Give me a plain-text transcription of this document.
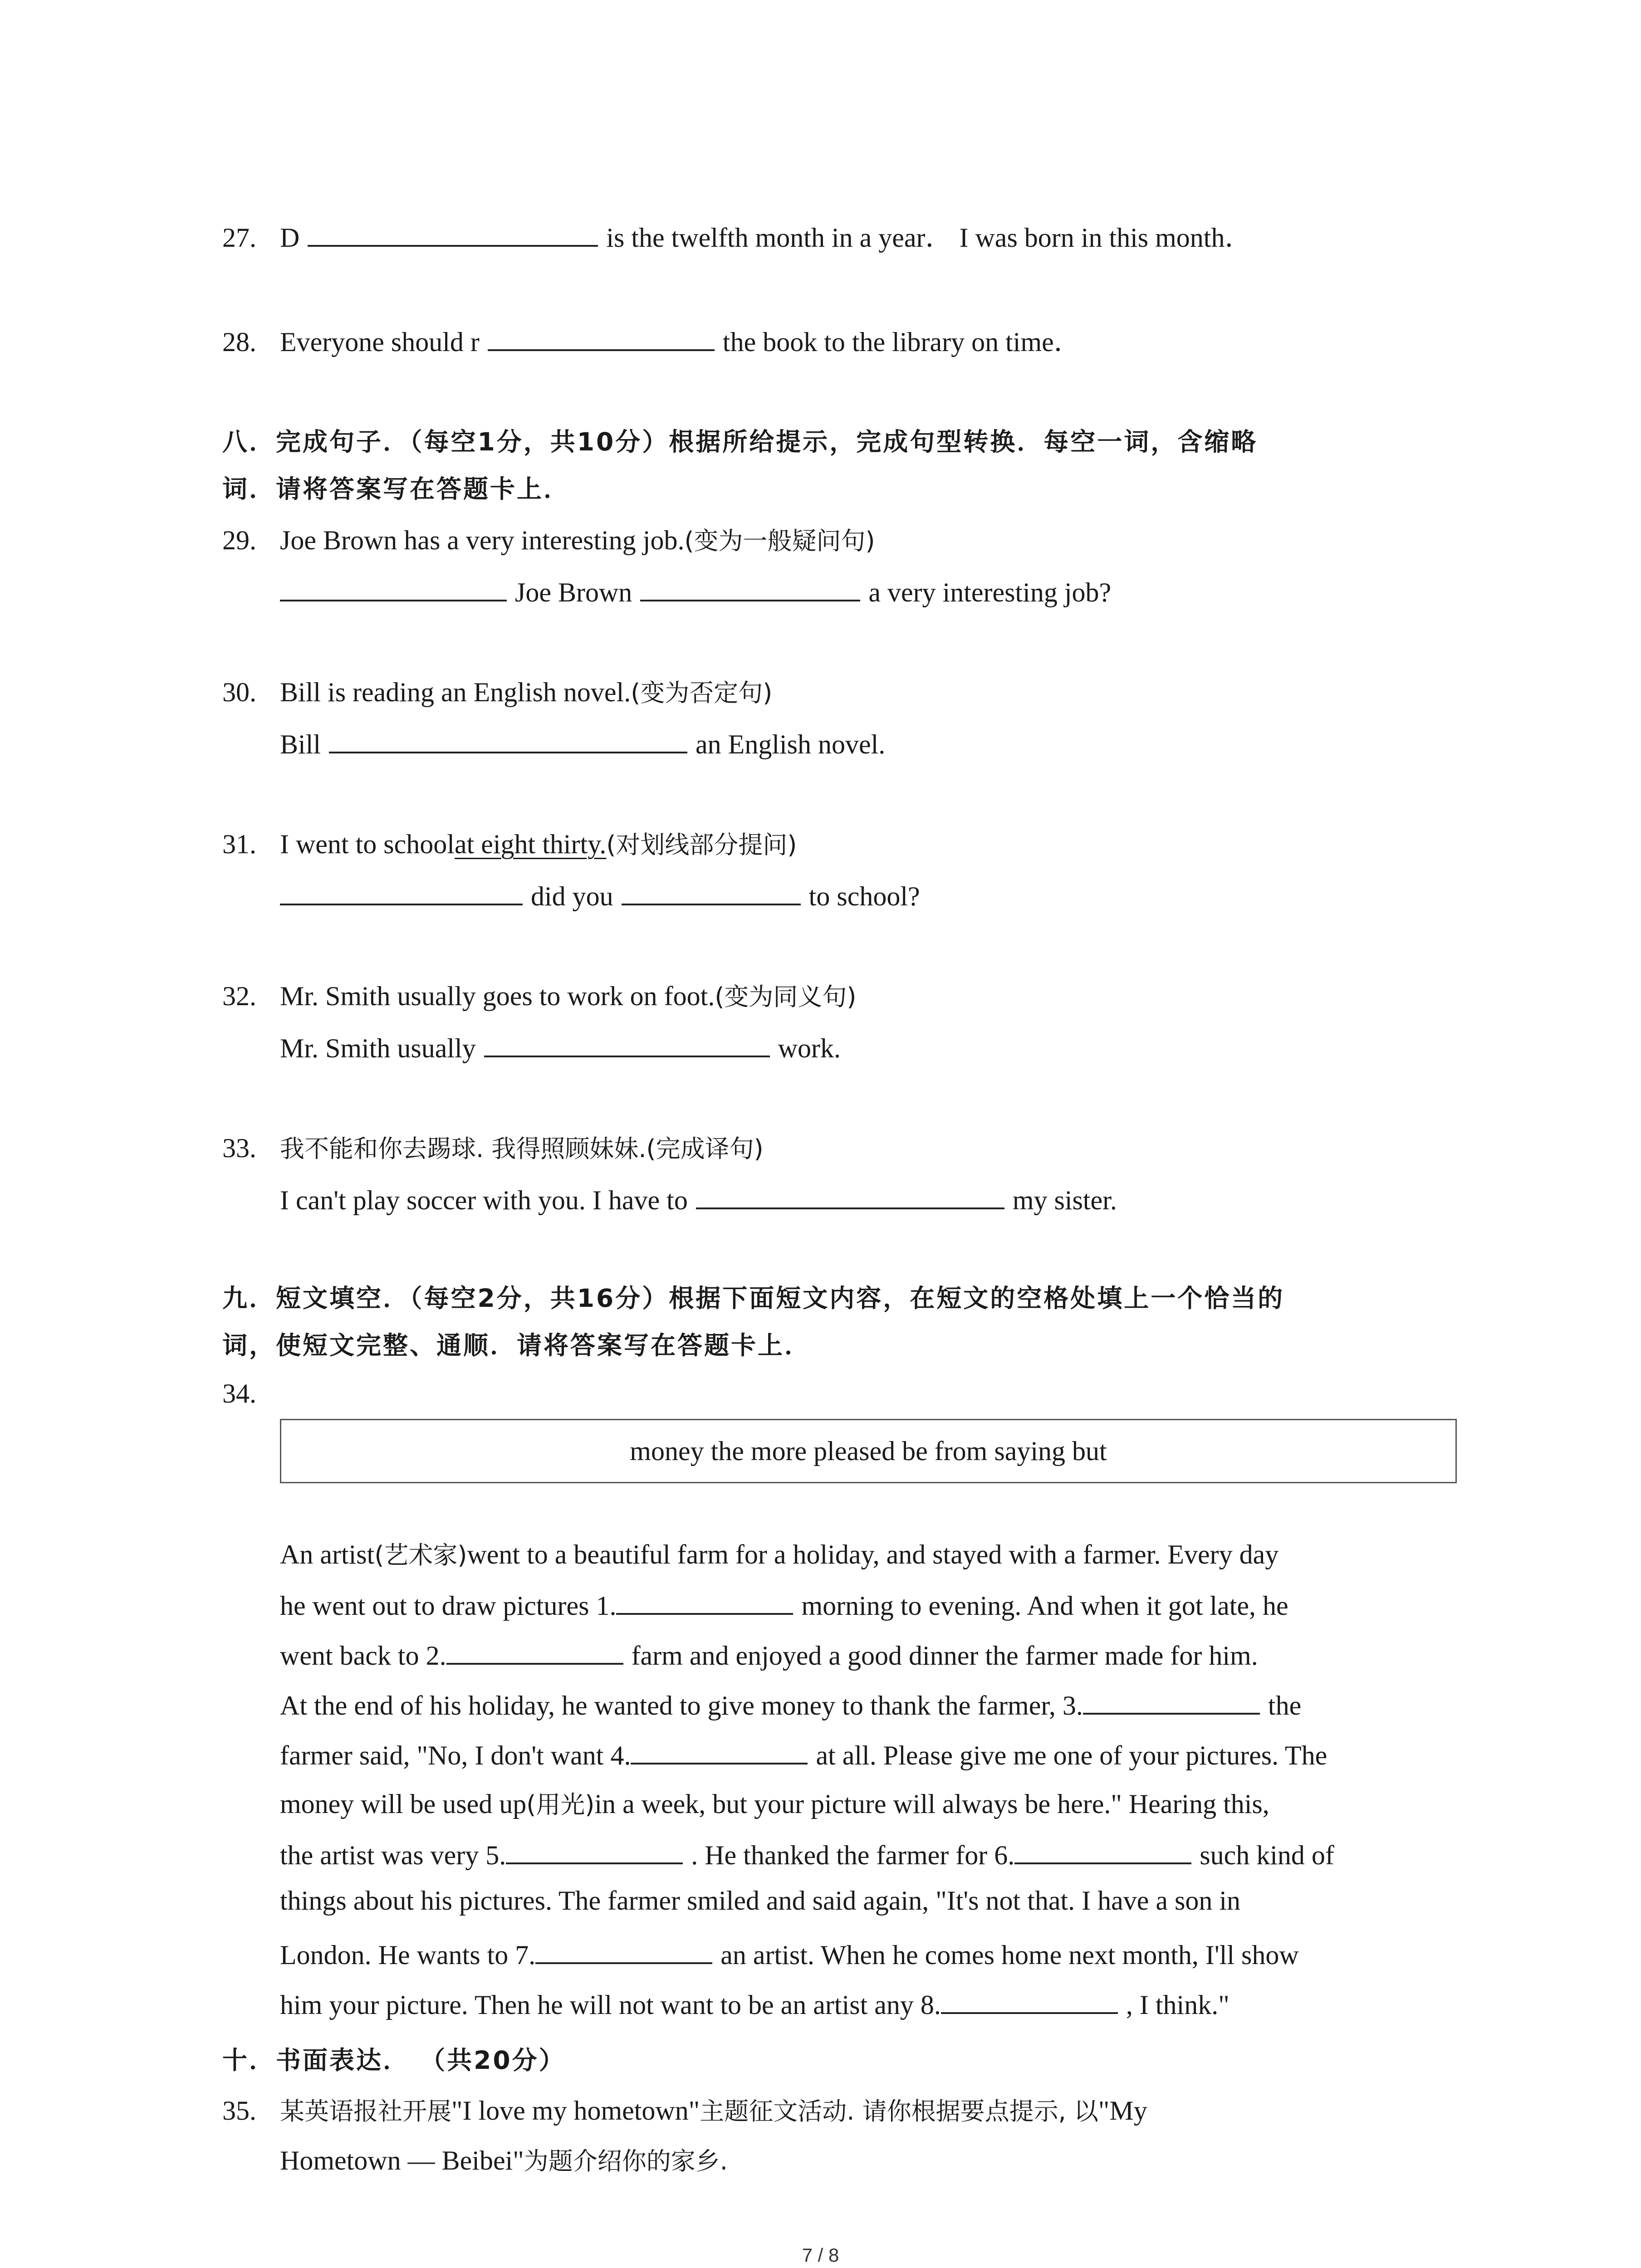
27. D	is the twelfth month in a year． I was born in this month．
28. Everyone should r	the book to the library on time．
八．完成句子．（每空1分，共10分）根据所给提示，完成句型转换．每空一词，含缩略
词．请将答案写在答题卡上．
29. Joe Brown has a very interesting job. (变为一般疑问句)
Joe Brown	a very interesting job?
30. Bill is reading an English novel. (变为否定句)
Bill	an English novel.
31. I went to school at eight thirty. (对划线部分提问)
did you	to school?
32. Mr. Smith usually goes to work on foot. (变为同义句)
Mr. Smith usually	work.
33. 我不能和你去踢球. 我得照顾妹妹. (完成译句)
I can't play soccer with you. I have to	my sister.
九．短文填空．（每空2分，共16分）根据下面短文内容，在短文的空格处填上一个恰当的
词，使短文完整、通顺．请将答案写在答题卡上．
34.
money the more pleased be from saying but
An artist (艺术家) went to a beautiful farm for a holiday, and stayed with a farmer. Every day
he went out to draw pictures 1.	morning to evening. And when it got late, he
went back to 2.	farm and enjoyed a good dinner the farmer made for him.
At the end of his holiday, he wanted to give money to thank the farmer, 3.	the
farmer said, "No, I don't want 4.	at all. Please give me one of your pictures. The
money will be used up (用光) in a week, but your picture will always be here." Hearing this,
the artist was very 5.	. He thanked the farmer for 6.	such kind of
things about his pictures. The farmer smiled and said again, "It's not that. I have a son in
London. He wants to 7.	an artist. When he comes home next month, I'll show
him your picture. Then he will not want to be an artist any 8.	, I think."
十．书面表达． （共20分）
35. 某英语报社开展 "I love my hometown" 主题征文活动. 请你根据要点提示, 以 "My
Hometown — Beibei" 为题介绍你的家乡.
7 / 8
